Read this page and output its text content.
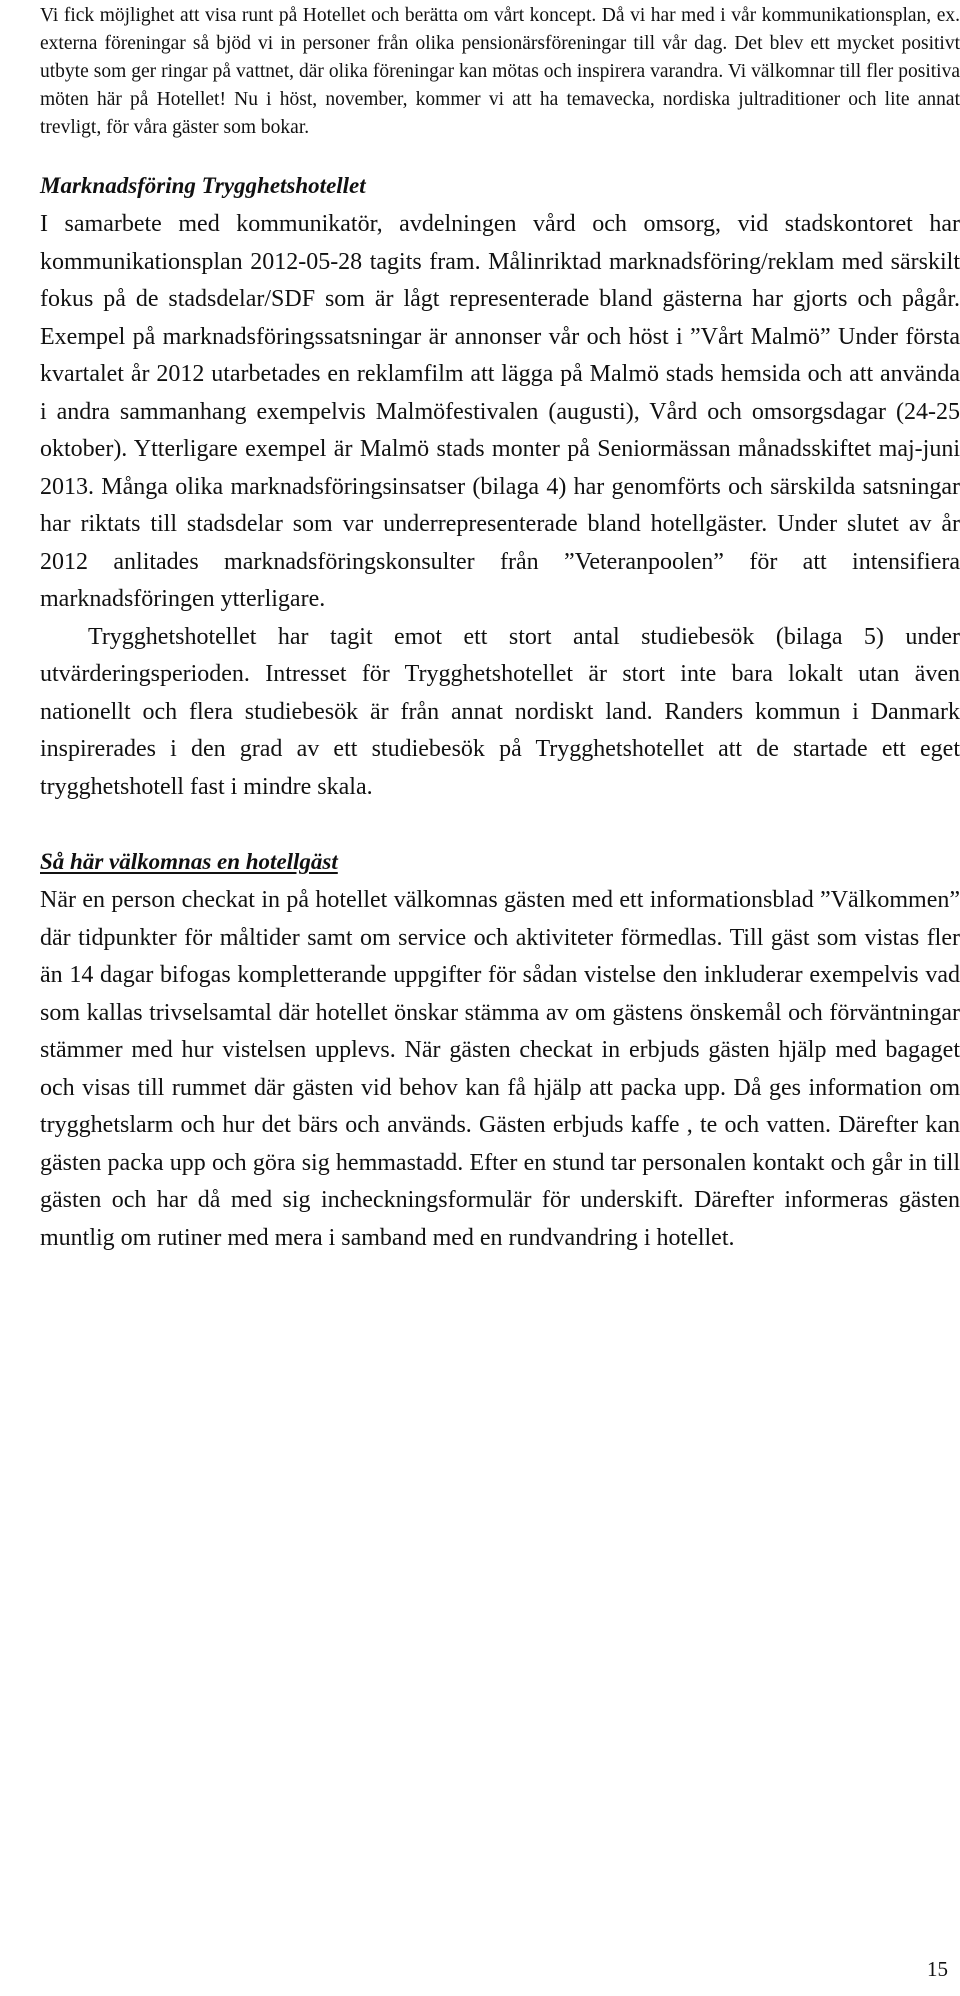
Vi fick möjlighet att visa runt på Hotellet och berätta om vårt koncept. Då vi har med i vår kommunikationsplan, ex. externa föreningar så bjöd vi in personer från olika pensionärsföreningar till vår dag. Det blev ett mycket positivt utbyte som ger ringar på vattnet, där olika föreningar kan mötas och inspirera varandra. Vi välkomnar till fler positiva möten här på Hotellet! Nu i höst, november, kommer vi att ha temavecka, nordiska jultraditioner och lite annat trevligt, för våra gäster som bokar.

Marknadsföring Trygghetshotellet

I samarbete med kommunikatör, avdelningen vård och omsorg, vid stadskontoret har kommunikationsplan 2012-05-28 tagits fram. Målinriktad marknadsföring/reklam med särskilt fokus på de stadsdelar/SDF som är lågt representerade bland gästerna har gjorts och pågår. Exempel på marknadsföringssatsningar är annonser vår och höst i ”Vårt Malmö” Under första kvartalet år 2012 utarbetades en reklamfilm att lägga på Malmö stads hemsida och att använda i andra sammanhang exempelvis Malmöfestivalen (augusti), Vård och omsorgsdagar (24-25 oktober). Ytterligare exempel är Malmö stads monter på Seniormässan månadsskiftet maj-juni 2013. Många olika marknadsföringsinsatser (bilaga 4) har genomförts och särskilda satsningar har riktats till stadsdelar som var underrepresenterade bland hotellgäster. Under slutet av år 2012 anlitades marknadsföringskonsulter från ”Veteranpoolen” för att intensifiera marknadsföringen ytterligare.

Trygghetshotellet har tagit emot ett stort antal studiebesök (bilaga 5) under utvärderingsperioden. Intresset för Trygghetshotellet är stort inte bara lokalt utan även nationellt och flera studiebesök är från annat nordiskt land. Randers kommun i Danmark inspirerades i den grad av ett studiebesök på Trygghetshotellet att de startade ett eget trygghetshotell fast i mindre skala.

Så här välkomnas en hotellgäst

När en person checkat in på hotellet välkomnas gästen med ett informationsblad ”Välkommen” där tidpunkter för måltider samt om service och aktiviteter förmedlas. Till gäst som vistas fler än 14 dagar bifogas kompletterande uppgifter för sådan vistelse den inkluderar exempelvis vad som kallas trivselsamtal där hotellet önskar stämma av om gästens önskemål och förväntningar stämmer med hur vistelsen upplevs. När gästen checkat in erbjuds gästen hjälp med bagaget och visas till rummet där gästen vid behov kan få hjälp att packa upp. Då ges information om trygghetslarm och hur det bärs och används. Gästen erbjuds kaffe , te och vatten. Därefter kan gästen packa upp och göra sig hemmastadd. Efter en stund tar personalen kontakt och går in till gästen och har då med sig incheckningsformulär för underskift. Därefter informeras gästen muntlig om rutiner med mera i samband med en rundvandring i hotellet.

15
